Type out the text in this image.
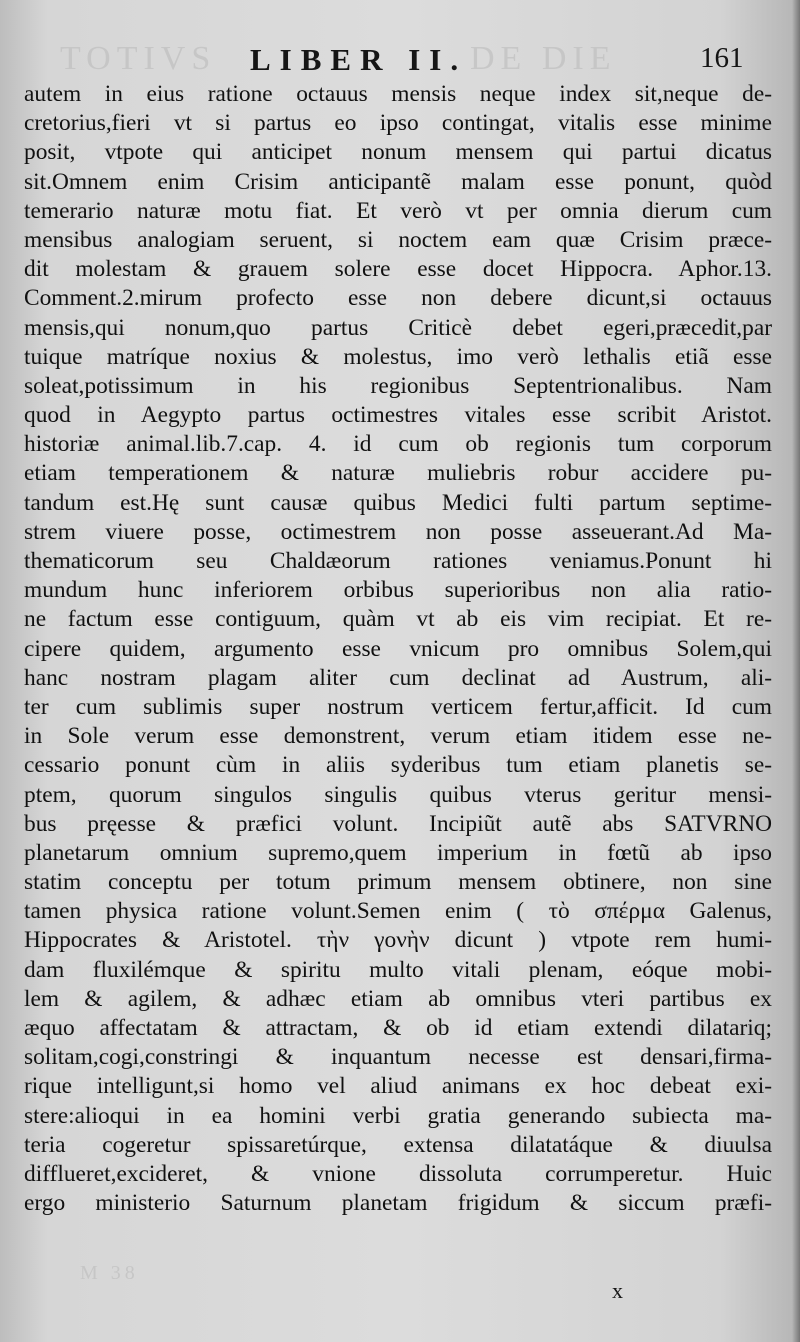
TOTIVS	DE DIE
M 38
LIBER II.	161
autem in eius ratione octauus mensis neque index sit,neque de-
cretorius,fieri vt si partus eo ipso contingat, vitalis esse minime
posit, vtpote qui anticipet nonum mensem qui partui dicatus
sit.Omnem enim Crisim anticipantẽ malam esse ponunt, quòd
temerario naturæ motu fiat. Et verò vt per omnia dierum cum
mensibus analogiam seruent, si noctem eam quæ Crisim præce-
dit molestam & grauem solere esse docet Hippocra. Aphor.13.
Comment.2.mirum profecto esse non debere dicunt,si octauus
mensis,qui nonum,quo partus Criticè debet egeri,præcedit,par
tuique matríque noxius & molestus, imo verò lethalis etiã esse
soleat,potissimum in his regionibus Septentrionalibus. Nam
quod in Aegypto partus octimestres vitales esse scribit Aristot.
historiæ animal.lib.7.cap. 4. id cum ob regionis tum corporum
etiam temperationem & naturæ muliebris robur accidere pu-
tandum est.Hę sunt causæ quibus Medici fulti partum septime-
strem viuere posse, octimestrem non posse asseuerant.Ad Ma-
thematicorum seu Chaldæorum rationes veniamus.Ponunt hi
mundum hunc inferiorem orbibus superioribus non alia ratio-
ne factum esse contiguum, quàm vt ab eis vim recipiat. Et re-
cipere quidem, argumento esse vnicum pro omnibus Solem,qui
hanc nostram plagam aliter cum declinat ad Austrum, ali-
ter cum sublimis super nostrum verticem fertur,afficit. Id cum
in Sole verum esse demonstrent, verum etiam itidem esse ne-
cessario ponunt cùm in aliis syderibus tum etiam planetis se-
ptem, quorum singulos singulis quibus vterus geritur mensi-
bus pręesse & præfici volunt. Incipiũt autẽ abs SATVRNO
planetarum omnium supremo,quem imperium in fœtũ ab ipso
statim conceptu per totum primum mensem obtinere, non sine
tamen physica ratione volunt.Semen enim ( τὸ σπέρμα Galenus,
Hippocrates & Aristotel. τὴν γονὴν dicunt ) vtpote rem humi-
dam fluxilémque & spiritu multo vitali plenam, eóque mobi-
lem & agilem, & adhæc etiam ab omnibus vteri partibus ex
æquo affectatam & attractam, & ob id etiam extendi dilatariq;
solitam,cogi,constringi & inquantum necesse est densari,firma-
rique intelligunt,si homo vel aliud animans ex hoc debeat exi-
stere:alioqui in ea homini verbi gratia generando subiecta ma-
teria cogeretur spissaretúrque, extensa dilatatáque & diuulsa
difflueret,excideret, & vnione dissoluta corrumperetur. Huic
ergo ministerio Saturnum planetam frigidum & siccum præfi-
x
